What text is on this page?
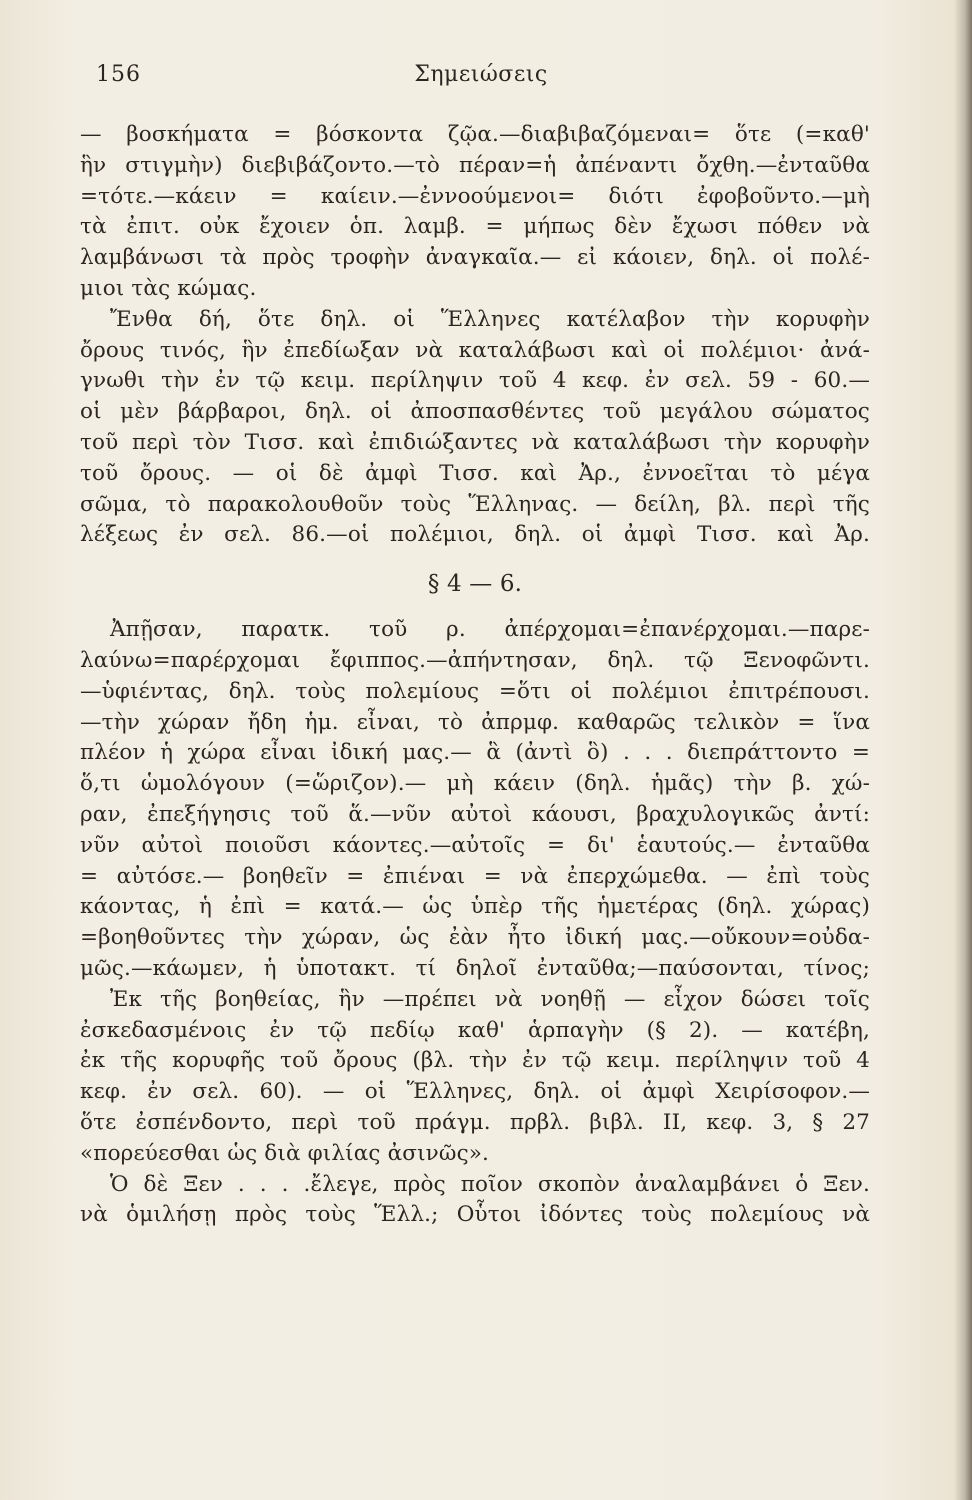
156	Σημειώσεις
— βοσκήματα = βόσκοντα ζῷα.—διαβιβαζόμεναι= ὅτε (=καθ'
ἣν στιγμὴν) διεβιβάζοντο.—τὸ πέραν=ἡ ἀπέναντι ὄχθη.—ἐνταῦθα
=τότε.—κάειν = καίειν.—ἐννοούμενοι= διότι ἐφοβοῦντο.—μὴ
τὰ ἐπιτ. οὐκ ἔχοιεν ὁπ. λαμβ. = μήπως δὲν ἔχωσι πόθεν νὰ
λαμβάνωσι τὰ πρὸς τροφὴν ἀναγκαῖα.— εἰ κάοιεν, δηλ. οἱ πολέ-
μιοι τὰς κώμας.
Ἔνθα δή, ὅτε δηλ. οἱ Ἕλληνες κατέλαβον τὴν κορυφὴν
ὄρους τινός, ἣν ἐπεδίωξαν νὰ καταλάβωσι καὶ οἱ πολέμιοι· ἀνά-
γνωθι τὴν ἐν τῷ κειμ. περίληψιν τοῦ 4 κεφ. ἐν σελ. 59 - 60.—
οἱ μὲν βάρβαροι, δηλ. οἱ ἀποσπασθέντες τοῦ μεγάλου σώματος
τοῦ περὶ τὸν Τισσ. καὶ ἐπιδιώξαντες νὰ καταλάβωσι τὴν κορυφὴν
τοῦ ὄρους. — οἱ δὲ ἀμφὶ Τισσ. καὶ Ἀρ., ἐννοεῖται τὸ μέγα
σῶμα, τὸ παρακολουθοῦν τοὺς Ἕλληνας. — δείλη, βλ. περὶ τῆς
λέξεως ἐν σελ. 86.—οἱ πολέμιοι, δηλ. οἱ ἀμφὶ Τισσ. καὶ Ἀρ.
§ 4 — 6.
Ἀπῇσαν, παρατκ. τοῦ ρ. ἀπέρχομαι=ἐπανέρχομαι.—παρε-
λαύνω=παρέρχομαι ἔφιππος.—ἀπήντησαν, δηλ. τῷ Ξενοφῶντι.
—ὑφιέντας, δηλ. τοὺς πολεμίους =ὅτι οἱ πολέμιοι ἐπιτρέπουσι.
—τὴν χώραν ἤδη ἡμ. εἶναι, τὸ ἀπρμφ. καθαρῶς τελικὸν = ἵνα
πλέον ἡ χώρα εἶναι ἰδική μας.— ἃ (ἀντὶ ὃ) . . . διεπράττοντο =
ὅ,τι ὡμολόγουν (=ὥριζον).— μὴ κάειν (δηλ. ἡμᾶς) τὴν β. χώ-
ραν, ἐπεξήγησις τοῦ ἅ.—νῦν αὐτοὶ κάουσι, βραχυλογικῶς ἀντί:
νῦν αὐτοὶ ποιοῦσι κάοντες.—αὐτοῖς = δι' ἑαυτούς.— ἐνταῦθα
= αὐτόσε.— βοηθεῖν = ἐπιέναι = νὰ ἐπερχώμεθα. — ἐπὶ τοὺς
κάοντας, ἡ ἐπὶ = κατά.— ὡς ὑπὲρ τῆς ἡμετέρας (δηλ. χώρας)
=βοηθοῦντες τὴν χώραν, ὡς ἐὰν ἦτο ἰδική μας.—οὔκουν=οὐδα-
μῶς.—κάωμεν, ἡ ὑποτακτ. τί δηλοῖ ἐνταῦθα;—παύσονται, τίνος;
Ἐκ τῆς βοηθείας, ἣν —πρέπει νὰ νοηθῇ — εἶχον δώσει τοῖς
ἐσκεδασμένοις ἐν τῷ πεδίῳ καθ' ἁρπαγὴν (§ 2). — κατέβη,
ἐκ τῆς κορυφῆς τοῦ ὄρους (βλ. τὴν ἐν τῷ κειμ. περίληψιν τοῦ 4
κεφ. ἐν σελ. 60). — οἱ Ἕλληνες, δηλ. οἱ ἀμφὶ Χειρίσοφον.—
ὅτε ἐσπένδοντο, περὶ τοῦ πράγμ. πρβλ. βιβλ. II, κεφ. 3, § 27
«πορεύεσθαι ὡς διὰ φιλίας ἀσινῶς».
Ὁ δὲ Ξεν . . . .ἔλεγε, πρὸς ποῖον σκοπὸν ἀναλαμβάνει ὁ Ξεν.
νὰ ὁμιλήσῃ πρὸς τοὺς Ἕλλ.; Οὗτοι ἰδόντες τοὺς πολεμίους νὰ
